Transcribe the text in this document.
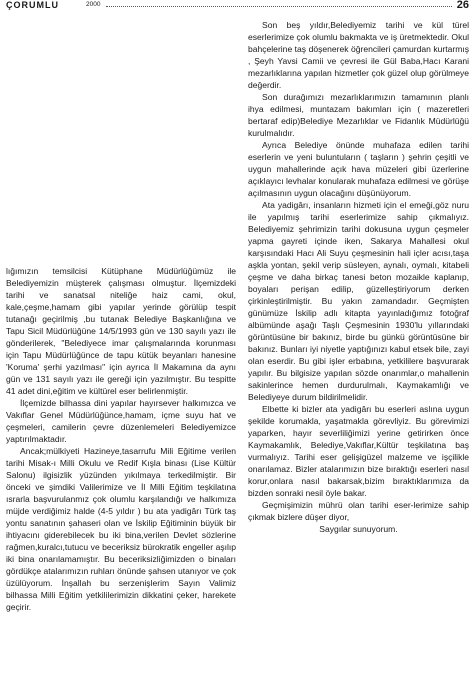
ÇORUMLU	2000	26

lığımızın temsilcisi Kütüphane Müdürlüğümüz ile Belediyemizin müşterek çalışması olmuştur. İlçemizdeki tarihi ve sanatsal niteliğe haiz cami, okul, kale,çeşme,hamam gibi yapılar yerinde görülüp tespit tutanağı geçirilmiş ,bu tutanak Belediye Başkanlığına ve Tapu Sicil Müdürlüğüne 14/5/1993 gün ve 130 sayılı yazı ile gönderilerek, "Belediyece imar çalışmalarında korunması için Tapu Müdürlüğünce de tapu kütük beyanları hanesine 'Koruma' şerhi yazılması" için ayrıca İl Makamına da aynı gün ve 131 sayılı yazı ile gereği için yazılmıştır. Bu tespitte 41 adet dini,eğitim ve kültürel eser belirlenmiştir.

İlçemizde bilhassa dini yapılar hayırsever halkımızca ve Vakıflar Genel Müdürlüğünce,hamam, içme suyu hat ve çeşmeleri, camilerin çevre düzenlemeleri Belediyemizce yaptırılmaktadır.

Ancak;mülkiyeti Hazineye,tasarrufu Mili Eğitime verilen tarihi Misak-ı Milli Okulu ve Redif Kışla binası (Lise Kültür Salonu) ilgisizlik yüzünden yıkılmaya terkedilmiştir. Bir önceki ve şimdiki Valilerimize ve İl Milli Eğitim teşkilatına ısrarla başvurulanmız çok olumlu karşılandığı ve halkımıza müjde verdiğimiz halde (4-5 yıldır ) bu ata yadigârı Türk taş yontu sanatının şahaseri olan ve İskilip Eğitiminin büyük bir ihtiyacını giderebilecek bu iki bina,verilen Devlet sözlerine rağmen,kuralcı,tutucu ve beceriksiz bürokratik engeller aşılıp iki bina onarılamamıştır. Bu beceriksizliğimizden o binaları gördükçe atalarımızın ruhları önünde şahsen utanıyor ve çok üzülüyorum. İnşallah bu serzenişlerim Sayın Valimiz bilhassa Milli Eğitim yetkililerimizin dikkatini çeker, harekete geçirir.

Son beş yıldır,Belediyemiz tarihi ve kül türel eserlerimize çok olumlu bakmakta ve iş üretmektedir. Okul bahçelerine taş döşenerek öğrencileri çamurdan kurtarmış , Şeyh Yavsi Camii ve çevresi ile Gül Baba,Hacı Karani mezarlıklarına yapılan hizmetler çok güzel olup görülmeye değerdir.

Son durağımızı mezarlıklarımızın tamamının planlı ihya edilmesi, muntazam bakımları için ( mazeretleri bertaraf edip)Belediye Mezarlıklar ve Fidanlık Müdürlüğü kurulmalıdır.

Ayrıca Belediye önünde muhafaza edilen tarihi eserlerin ve yeni buluntuların ( taşların ) şehrin çeşitli ve uygun mahallerinde açık hava müzeleri gibi üzerlerine açıklayıcı levhalar konularak muhafaza edilmesi ve görüşe açılmasının uygun olacağını düşünüyorum.

Ata yadigârı, insanların hizmeti için el emeği,göz nuru ile yapılmış tarihi eserlerimize sahip çıkmalıyız. Belediyemiz şehrimizin tarihi dokusuna uygun çeşmeler yapma gayreti içinde iken, Sakarya Mahallesi okul karşısındaki Hacı Ali Suyu çeşmesinin hali içler acısı,taşa aşkla yontan, şekil verip süsleyen, aynalı, oymalı, kitabeli çeşme ve daha birkaç tanesi beton mozaikle kaplanıp, boyaları perişan edilip, güzelleştiriyorum derken çirkinleştirilmiştir. Bu yakın zamandadır. Geçmişten günümüze İskilip adlı kitapta yayınladığımız fotoğraf albümünde aşağı Taşlı Çeşmesinin 1930'lu yıllarındaki görüntüsüne bir bakınız, birde bu günkü görüntüsüne bir bakınız. Bunları iyi niyetle yaptığınızı kabul etsek bile, zayi olan eserdir. Bu gibi işler erbabına, yetkililere başvurarak yapılır. Bu bilgisize yapılan sözde onarımlar,o mahallenin sakinlerince hemen durdurulmalı, Kaymakamlığı ve Belediyeye durum bildirilmelidir.

Elbette ki bizler ata yadigârı bu eserleri aslına uygun şekilde korumakla, yaşatmakla görevliyiz. Bu görevimizi yaparken, hayır severliliğimizi yerine getirirken önce Kaymakamlık, Belediye,Vakıflar,Kültür teşkilatına baş vurmalıyız. Tarihi eser gelişigüzel malzeme ve işçilikle onarılamaz. Bizler atalarımızın bize bıraktığı eserleri nasıl korur,onlara nasıl bakarsak,bizim bıraktıklarımıza da bizden sonraki nesil öyle bakar.

Geçmişimizin mührü olan tarihi eser-lerimize sahip çıkmak bizlere düşer diyor,

Saygılar sunuyorum.
